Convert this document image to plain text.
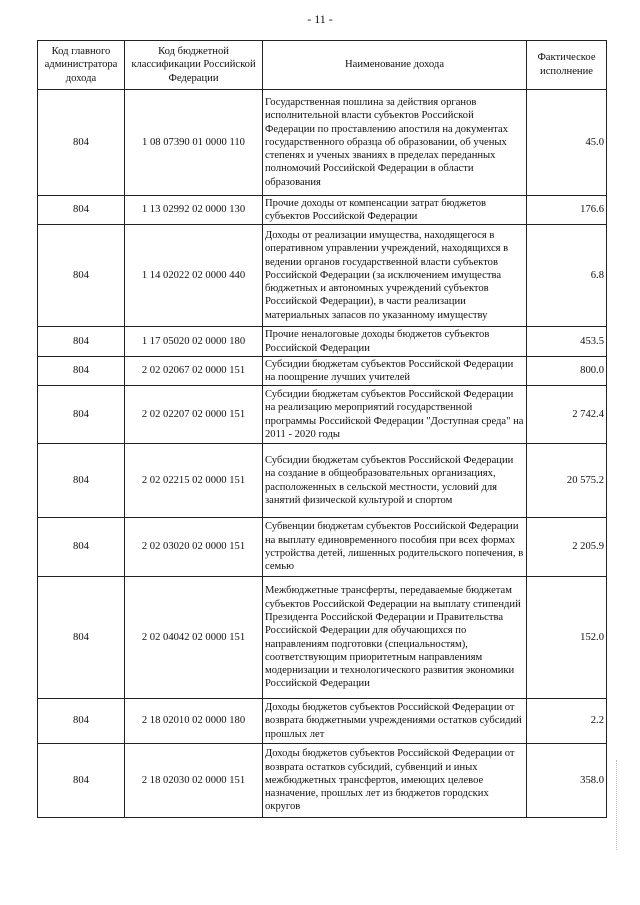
- 11 -
Код главного администратора дохода	Код бюджетной классификации Российской Федерации	Наименование дохода	Фактическое исполнение
804	1 08 07390 01 0000 110	Государственная пошлина за действия органов исполнительной власти субъектов Российской Федерации по проставлению апостиля на документах государственного образца об образовании, об ученых степенях и ученых званиях в пределах переданных полномочий Российской Федерации в области образования	45.0
804	1 13 02992 02 0000 130	Прочие доходы от компенсации затрат бюджетов субъектов Российской Федерации	176.6
804	1 14 02022 02 0000 440	Доходы от реализации имущества, находящегося в оперативном управлении учреждений, находящихся в ведении органов государственной власти субъектов Российской Федерации (за исключением имущества бюджетных и автономных учреждений субъектов Российской Федерации), в части реализации материальных запасов по указанному имуществу	6.8
804	1 17 05020 02 0000 180	Прочие неналоговые доходы бюджетов субъектов Российской Федерации	453.5
804	2 02 02067 02 0000 151	Субсидии бюджетам субъектов Российской Федерации на поощрение лучших учителей	800.0
804	2 02 02207 02 0000 151	Субсидии бюджетам субъектов Российской Федерации на реализацию мероприятий государственной программы Российской Федерации "Доступная среда" на 2011 - 2020 годы	2 742.4
804	2 02 02215 02 0000 151	Субсидии бюджетам субъектов Российской Федерации на создание в общеобразовательных организациях, расположенных в сельской местности, условий для занятий физической культурой и спортом	20 575.2
804	2 02 03020 02 0000 151	Субвенции бюджетам субъектов Российской Федерации на выплату единовременного пособия при всех формах устройства детей, лишенных родительского попечения, в семью	2 205.9
804	2 02 04042 02 0000 151	Межбюджетные трансферты, передаваемые бюджетам субъектов Российской Федерации на выплату стипендий Президента Российской Федерации и Правительства Российской Федерации для обучающихся по направлениям подготовки (специальностям), соответствующим приоритетным направлениям модернизации и технологического развития экономики Российской Федерации	152.0
804	2 18 02010 02 0000 180	Доходы бюджетов субъектов Российской Федерации от возврата бюджетными учреждениями остатков субсидий прошлых лет	2.2
804	2 18 02030 02 0000 151	Доходы бюджетов субъектов Российской Федерации от возврата остатков субсидий, субвенций и иных межбюджетных трансфертов, имеющих целевое назначение, прошлых лет из бюджетов городских округов	358.0
